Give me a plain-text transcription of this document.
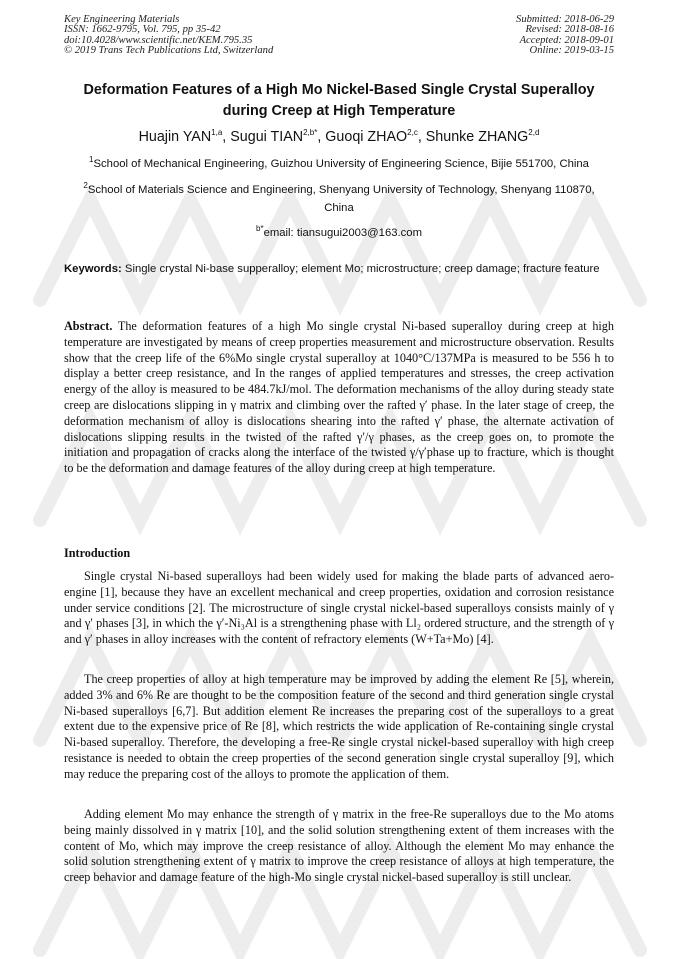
Key Engineering Materials
ISSN: 1662-9795, Vol. 795, pp 35-42
doi:10.4028/www.scientific.net/KEM.795.35
© 2019 Trans Tech Publications Ltd, Switzerland
Submitted: 2018-06-29
Revised: 2018-08-16
Accepted: 2018-09-01
Online: 2019-03-15
Deformation Features of a High Mo Nickel-Based Single Crystal Superalloy during Creep at High Temperature
Huajin YAN$^{1,a}$, Sugui $TIAN^{2,b*}$, Guoqi ZHAO$^{2,c}$, Shunke ZHANG$^{2,d}$
$^1$School of Mechanical Engineering, Guizhou University of Engineering Science, Bijie 551700, China
$^2$School of Materials Science and Engineering, Shenyang University of Technology, Shenyang 110870, China
$^{b*}$email: tiansugui2003@163.com
Keywords: Single crystal Ni-base supperalloy; element Mo; microstructure; creep damage; fracture feature
Abstract. The deformation features of a high Mo single crystal Ni-based superalloy during creep at high temperature are investigated by means of creep properties measurement and microstructure observation. Results show that the creep life of the 6%Mo single crystal superalloy at 1040°C/137MPa is measured to be 556 h to display a better creep resistance, and In the ranges of applied temperatures and stresses, the creep activation energy of the alloy is measured to be 484.7kJ/mol. The deformation mechanisms of the alloy during steady state creep are dislocations slipping in γ matrix and climbing over the rafted γ′ phase. In the later stage of creep, the deformation mechanism of alloy is dislocations shearing into the rafted γ′ phase, the alternate activation of dislocations slipping results in the twisted of the rafted γ′/γ phases, as the creep goes on, to promote the initiation and propagation of cracks along the interface of the twisted γ/γ′phase up to fracture, which is thought to be the deformation and damage features of the alloy during creep at high temperature.
Introduction
Single crystal Ni-based superalloys had been widely used for making the blade parts of advanced aero-engine [1], because they have an excellent mechanical and creep properties, oxidation and corrosion resistance under service conditions [2]. The microstructure of single crystal nickel-based superalloys consists mainly of γ and γ′ phases [3], in which the γ′-Ni₃Al is a strengthening phase with Ll₂ ordered structure, and the strength of γ and γ′ phases in alloy increases with the content of refractory elements (W+Ta+Mo) [4].
The creep properties of alloy at high temperature may be improved by adding the element Re [5], wherein, added 3% and 6% Re are thought to be the composition feature of the second and third generation single crystal Ni-based superalloys [6,7]. But addition element Re increases the preparing cost of the superalloys to a great extent due to the expensive price of Re [8], which restricts the wide application of Re-containing single crystal Ni-based superalloy. Therefore, the developing a free-Re single crystal nickel-based superalloy with high creep resistance is needed to obtain the creep properties of the second generation single crystal superalloy [9], which may reduce the preparing cost of the alloys to promote the application of them.
Adding element Mo may enhance the strength of γ matrix in the free-Re superalloys due to the Mo atoms being mainly dissolved in γ matrix [10], and the solid solution strengthening extent of them increases with the content of Mo, which may improve the creep resistance of alloy. Although the element Mo may enhance the solid solution strengthening extent of γ matrix to improve the creep resistance of alloys at high temperature, the creep behavior and damage feature of the high-Mo single crystal nickel-based superalloy is still unclear.
